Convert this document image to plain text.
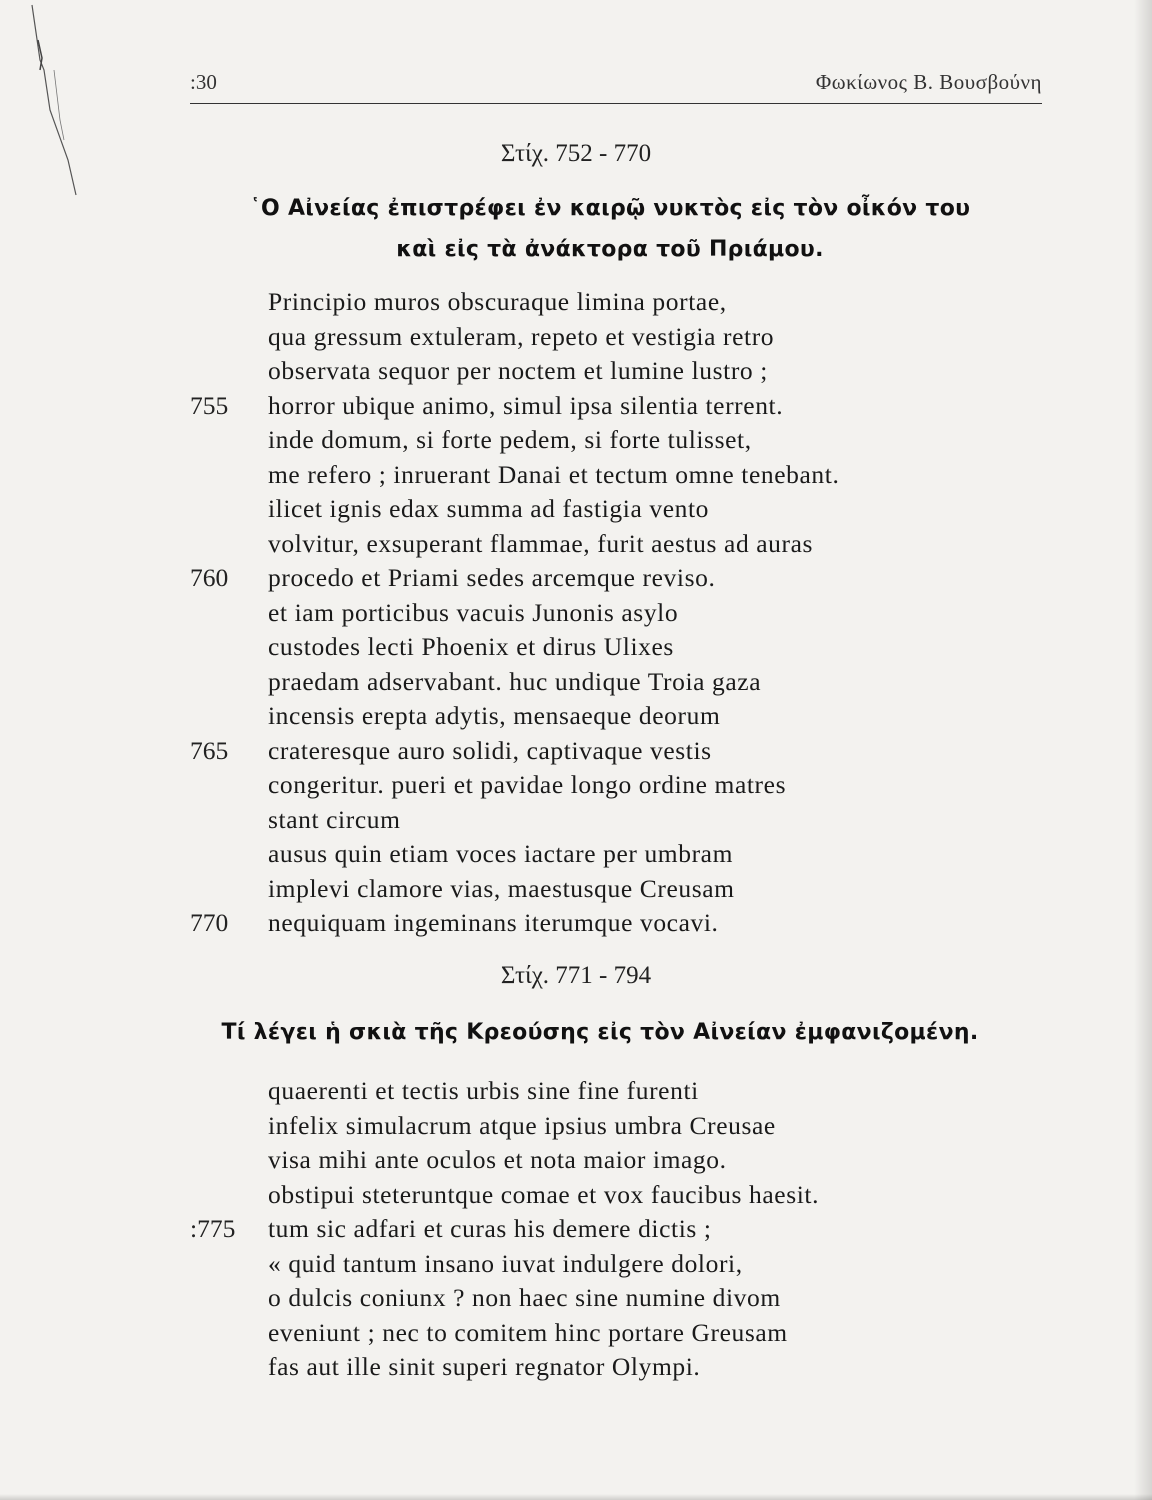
:30	Φωκίωνος Β. Βουσβούνη
Στίχ. 752 - 770
῾Ο Αἰνείας ἐπιστρέφει ἐν καιρῷ νυκτὸς εἰς τὸν οἶκόν του
καὶ εἰς τὰ ἀνάκτορα τοῦ Πριάμου.
Principio muros obscuraque limina portae,
qua gressum extuleram, repeto et vestigia retro
observata sequor per noctem et lumine lustro ;
755	horror ubique animo, simul ipsa silentia terrent.
inde domum, si forte pedem, si forte tulisset,
me refero ; inruerant Danai et tectum omne tenebant.
ilicet ignis edax summa ad fastigia vento
volvitur, exsuperant flammae, furit aestus ad auras
760	procedo et Priami sedes arcemque reviso.
et iam porticibus vacuis Junonis asylo
custodes lecti Phoenix et dirus Ulixes
praedam adservabant. huc undique Troia gaza
incensis erepta adytis, mensaeque deorum
765	crateresque auro solidi, captivaque vestis
congeritur. pueri et pavidae longo ordine matres
stant circum
ausus quin etiam voces iactare per umbram
implevi clamore vias, maestusque Creusam
770	nequiquam ingeminans iterumque vocavi.
Στίχ. 771 - 794
Τί λέγει ἡ σκιὰ τῆς Κρεούσης εἰς τὸν Αἰνείαν ἐμφανιζομένη.
quaerenti et tectis urbis sine fine furenti
infelix simulacrum atque ipsius umbra Creusae
visa mihi ante oculos et nota maior imago.
obstipui steteruntque comae et vox faucibus haesit.
:775	tum sic adfari et curas his demere dictis ;
« quid tantum insano iuvat indulgere dolori,
o dulcis coniunx ? non haec sine numine divom
eveniunt ; nec to comitem hinc portare Greusam
fas aut ille sinit superi regnator Olympi.
